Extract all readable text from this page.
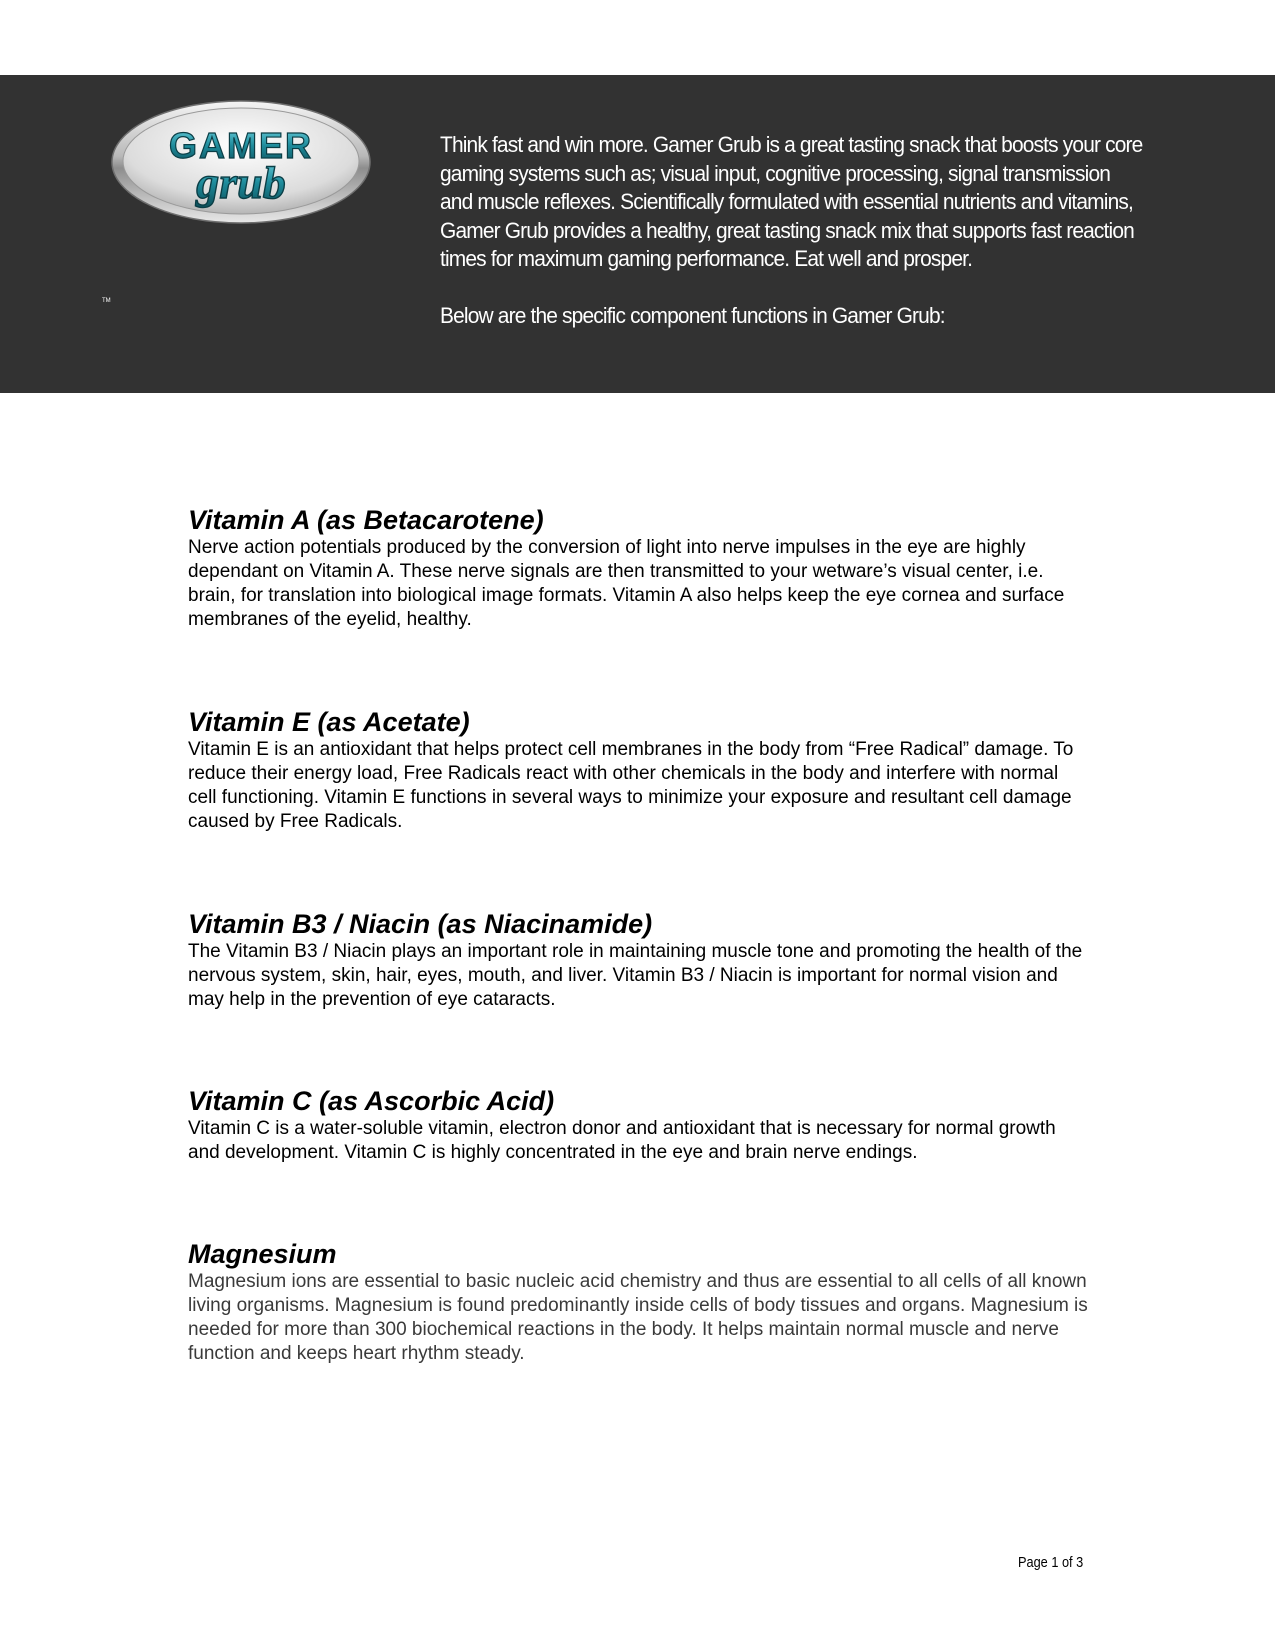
GAMER
grub
TM

Think fast and win more. Gamer Grub is a great tasting snack that boosts your core gaming systems such as; visual input, cognitive processing, signal transmission and muscle reflexes. Scientifically formulated with essential nutrients and vitamins, Gamer Grub provides a healthy, great tasting snack mix that supports fast reaction times for maximum gaming performance. Eat well and prosper.

Below are the specific component functions in Gamer Grub:

Vitamin A (as Betacarotene)

Nerve action potentials produced by the conversion of light into nerve impulses in the eye are highly dependant on Vitamin A. These nerve signals are then transmitted to your wetware’s visual center, i.e. brain, for translation into biological image formats. Vitamin A also helps keep the eye cornea and surface membranes of the eyelid, healthy.

Vitamin E (as Acetate)

Vitamin E is an antioxidant that helps protect cell membranes in the body from “Free Radical” damage. To reduce their energy load, Free Radicals react with other chemicals in the body and interfere with normal cell functioning. Vitamin E functions in several ways to minimize your exposure and resultant cell damage caused by Free Radicals.

Vitamin B3 / Niacin (as Niacinamide)

The Vitamin B3 / Niacin plays an important role in maintaining muscle tone and promoting the health of the nervous system, skin, hair, eyes, mouth, and liver. Vitamin B3 / Niacin is important for normal vision and may help in the prevention of eye cataracts.

Vitamin C (as Ascorbic Acid)

Vitamin C is a water-soluble vitamin, electron donor and antioxidant that is necessary for normal growth and development. Vitamin C is highly concentrated in the eye and brain nerve endings.

Magnesium

Magnesium ions are essential to basic nucleic acid chemistry and thus are essential to all cells of all known living organisms. Magnesium is found predominantly inside cells of body tissues and organs. Magnesium is needed for more than 300 biochemical reactions in the body. It helps maintain normal muscle and nerve function and keeps heart rhythm steady.

Page 1 of 3
